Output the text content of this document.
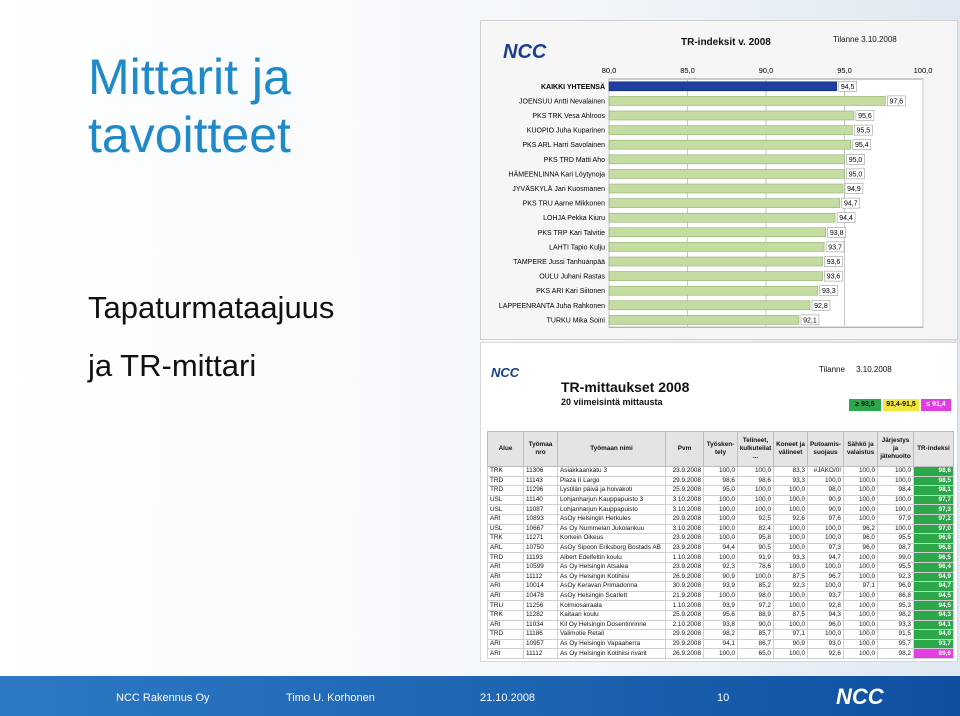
Mittarit ja
tavoitteet
Tapaturmataajuus
ja TR-mittari
NCC	TR-indeksit v. 2008	Tilanne 3.10.2008
80,0	85,0	90,0	95,0	100,0
KAIKKI YHTEENSÄ	94,5
JOENSUU Antti Nevalainen	97,6
PKS TRK Vesa Ahlroos	95,6
KUOPIO Juha Kuparinen	95,5
PKS ARL Harri Savolainen	95,4
PKS TRD Matti Aho	95,0
HÄMEENLINNA Kari Löytynoja	95,0
JYVÄSKYLÄ Jari Kuosmanen	94,9
PKS TRU Aarne Mikkonen	94,7
LOHJA Pekka Kiuru	94,4
PKS TRP Kari Talvitie	93,8
LAHTI Tapio Kulju	93,7
TAMPERE Jussi Tanhuanpää	93,6
OULU Juhani Rastas	93,6
PKS ARI Kari Siitonen	93,3
LAPPEENRANTA Juha Rahkonen	92,8
TURKU Mika Soini	92,1
NCC
TR-mittaukset 2008
20 viimeisintä mittausta
Tilanne 3.10.2008
≥ 93,5	93,4-91,5	≤ 91,4
Alue	Työmaa nro	Työmaan nimi	Pvm	Työsken-tely	Telineet, kulkuteilat ...	Koneet ja välineet	Putoamis-suojaus	Sähkö ja valaistus	Järjestys ja jätehuolto	TR-indeksi
TRK	11306	Asiakkaankatu 3	23.9.2008	100,0	100,0	83,3	#JAKO/0!	100,0	100,0	98,6
TRD	11143	Plaza II Largo	29.9.2008	98,6	98,6	93,3	100,0	100,0	100,0	98,5
TRD	11296	Lystilän päivä ja hoivakoti	25.9.2008	95,0	100,0	100,0	98,0	100,0	98,4	98,1
USL	11140	Lohjanharjun Kauppapuisto 3	3.10.2008	100,0	100,0	100,0	90,9	100,0	100,0	97,7
USL	11087	Lohjanharjun Kauppapuisto	3.10.2008	100,0	100,0	100,0	90,9	100,0	100,0	97,3
ARI	10893	AsOy Helsingin Herkules	29.9.2008	100,0	92,5	92,6	97,6	100,0	97,9	97,2
USL	10667	As Oy Nummelan Jukolankuu	3.10.2008	100,0	82,4	100,0	100,0	96,2	100,0	97,0
TRK	11271	Korkein Oikeus	23.9.2008	100,0	95,8	100,0	100,0	96,0	95,5	96,9
ARL	10750	AsOy Sipoon Eriksborg Bostads AB	23.9.2008	94,4	90,5	100,0	97,3	96,0	98,7	96,8
TRD	11193	Albert Edelfeltin koulu	1.10.2008	100,0	91,9	93,3	94,7	100,0	99,0	96,5
ARI	10599	As Oy Helsingin Atsalea	23.9.2008	92,3	78,6	100,0	100,0	100,0	95,5	96,4
ARI	11112	As Oy Helsingin Kotihiisi	26.9.2008	90,9	100,0	87,5	96,7	100,0	92,3	94,9
ARI	10014	AsOy Keravan Primadonna	30.9.2008	93,9	85,2	92,3	100,0	97,1	96,9	94,7
ARI	10478	AsOy Helsingin Scarlett	21.9.2008	100,0	98,0	100,0	93,7	100,0	86,8	94,5
TRU	11256	Kolmiosairaala	1.10.2008	93,9	97,2	100,0	92,8	100,0	95,3	94,5
TRK	11282	Kaitaan koulu	25.9.2008	95,6	88,9	87,5	94,3	100,0	98,2	94,3
ARI	11034	Kil Oy Helsingin Dosentinrinne	2.10.2008	93,8	90,0	100,0	96,0	100,0	93,3	94,1
TRD	11186	Valimotie Retail	29.9.2008	98,2	85,7	97,1	100,0	100,0	91,5	94,0
ARI	10957	As Oy Helsingin Vapaaherra	29.9.2008	94,1	86,7	90,9	93,0	100,0	95,7	93,7
ARI	11112	As Oy Helsingin Kotihiisi rivarit	26.9.2008	100,0	65,0	100,0	92,6	100,0	98,2	89,6
NCC Rakennus Oy	Timo U. Korhonen	21.10.2008	10	NCC
